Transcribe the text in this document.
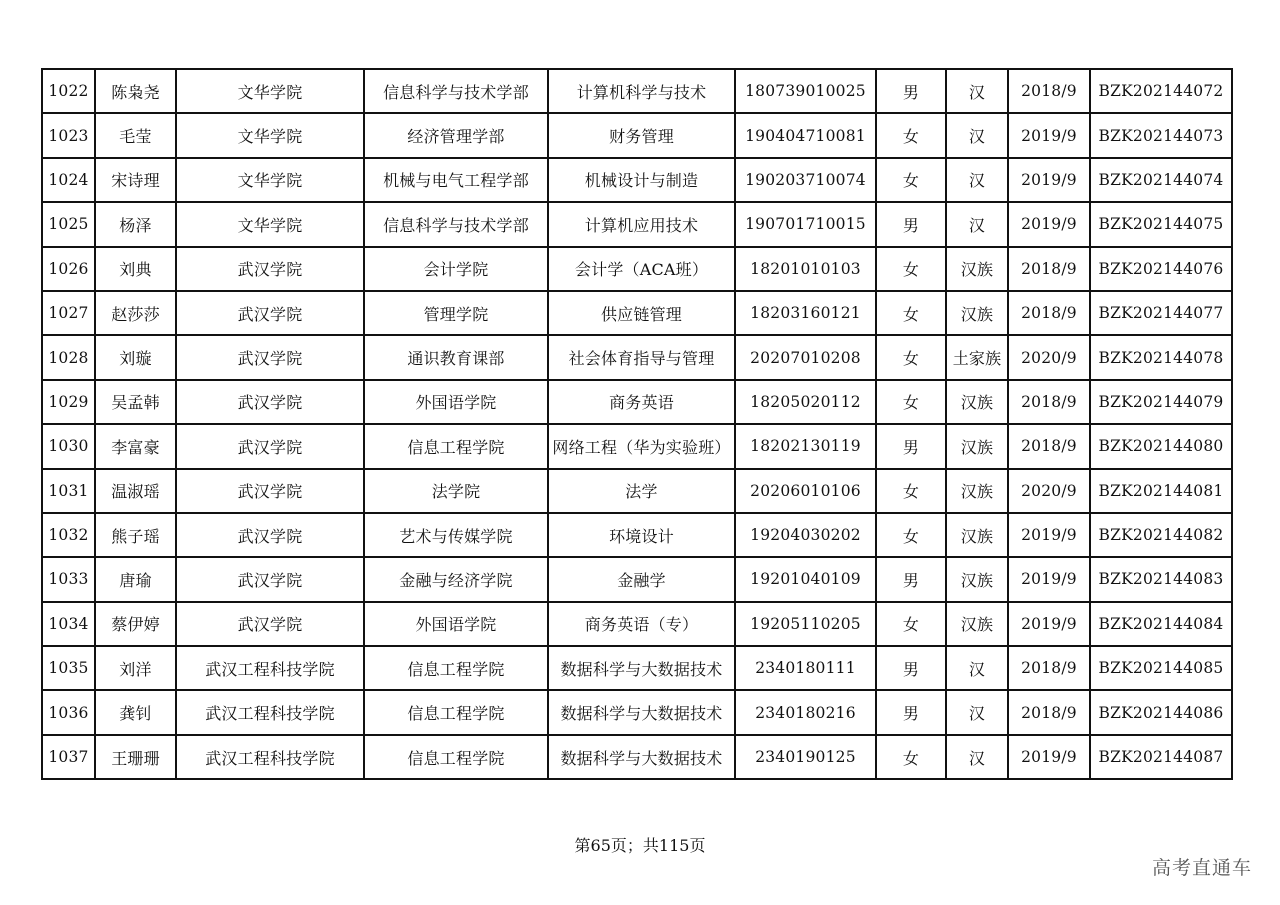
1022	陈枭尧	文华学院	信息科学与技术学部	计算机科学与技术	180739010025	男	汉	2018/9	BZK202144072
1023	毛莹	文华学院	经济管理学部	财务管理	190404710081	女	汉	2019/9	BZK202144073
1024	宋诗理	文华学院	机械与电气工程学部	机械设计与制造	190203710074	女	汉	2019/9	BZK202144074
1025	杨泽	文华学院	信息科学与技术学部	计算机应用技术	190701710015	男	汉	2019/9	BZK202144075
1026	刘典	武汉学院	会计学院	会计学（ACA班）	18201010103	女	汉族	2018/9	BZK202144076
1027	赵莎莎	武汉学院	管理学院	供应链管理	18203160121	女	汉族	2018/9	BZK202144077
1028	刘璇	武汉学院	通识教育课部	社会体育指导与管理	20207010208	女	土家族	2020/9	BZK202144078
1029	吴孟韩	武汉学院	外国语学院	商务英语	18205020112	女	汉族	2018/9	BZK202144079
1030	李富豪	武汉学院	信息工程学院	网络工程（华为实验班）	18202130119	男	汉族	2018/9	BZK202144080
1031	温淑瑶	武汉学院	法学院	法学	20206010106	女	汉族	2020/9	BZK202144081
1032	熊子瑶	武汉学院	艺术与传媒学院	环境设计	19204030202	女	汉族	2019/9	BZK202144082
1033	唐瑜	武汉学院	金融与经济学院	金融学	19201040109	男	汉族	2019/9	BZK202144083
1034	蔡伊婷	武汉学院	外国语学院	商务英语（专）	19205110205	女	汉族	2019/9	BZK202144084
1035	刘洋	武汉工程科技学院	信息工程学院	数据科学与大数据技术	2340180111	男	汉	2018/9	BZK202144085
1036	龚钊	武汉工程科技学院	信息工程学院	数据科学与大数据技术	2340180216	男	汉	2018/9	BZK202144086
1037	王珊珊	武汉工程科技学院	信息工程学院	数据科学与大数据技术	2340190125	女	汉	2019/9	BZK202144087
第65页；共115页
高考直通车
